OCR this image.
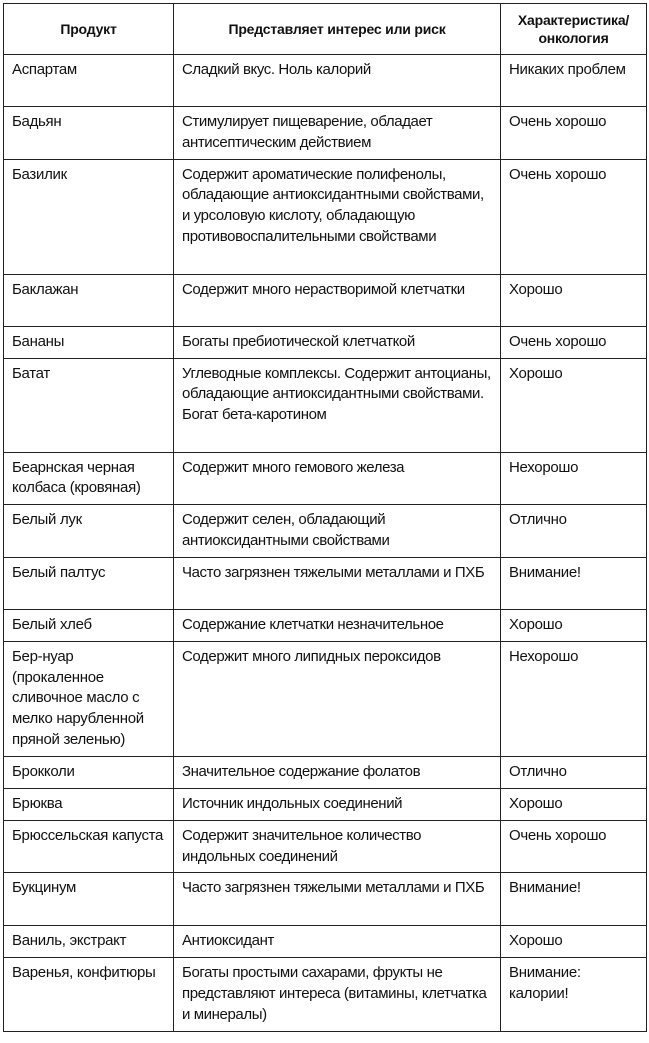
Продукт	Представляет интерес или риск	Характеристика/ онкология

Аспартам	Сладкий вкус. Ноль калорий	Никаких проблем

Бадьян	Стимулирует пищеварение, обладает антисептическим действием	Очень хорошо

Базилик	Содержит ароматические полифенолы, обладающие антиоксидантными свойствами, и урсоловую кислоту, обладающую противовоспалительными свойствами	Очень хорошо

Баклажан	Содержит много нерастворимой клетчатки	Хорошо

Бананы	Богаты пребиотической клетчаткой	Очень хорошо

Батат	Углеводные комплексы. Содержит антоцианы, обладающие антиоксидантными свойствами. Богат бета-каротином	Хорошо

Беарнская черная колбаса (кровяная)	Содержит много гемового железа	Нехорошо

Белый лук	Содержит селен, обладающий антиоксидантными свойствами	Отлично

Белый палтус	Часто загрязнен тяжелыми металлами и ПХБ	Внимание!

Белый хлеб	Содержание клетчатки незначительное	Хорошо

Бер-нуар (прокаленное сливочное масло с мелко нарубленной пряной зеленью)	Содержит много липидных пероксидов	Нехорошо

Брокколи	Значительное содержание фолатов	Отлично

Брюква	Источник индольных соединений	Хорошо

Брюссельская капуста	Содержит значительное количество индольных соединений	Очень хорошо

Букцинум	Часто загрязнен тяжелыми металлами и ПХБ	Внимание!

Ваниль, экстракт	Антиоксидант	Хорошо

Варенья, конфитюры	Богаты простыми сахарами, фрукты не представляют интереса (витамины, клетчатка и минералы)	Внимание: калории!
